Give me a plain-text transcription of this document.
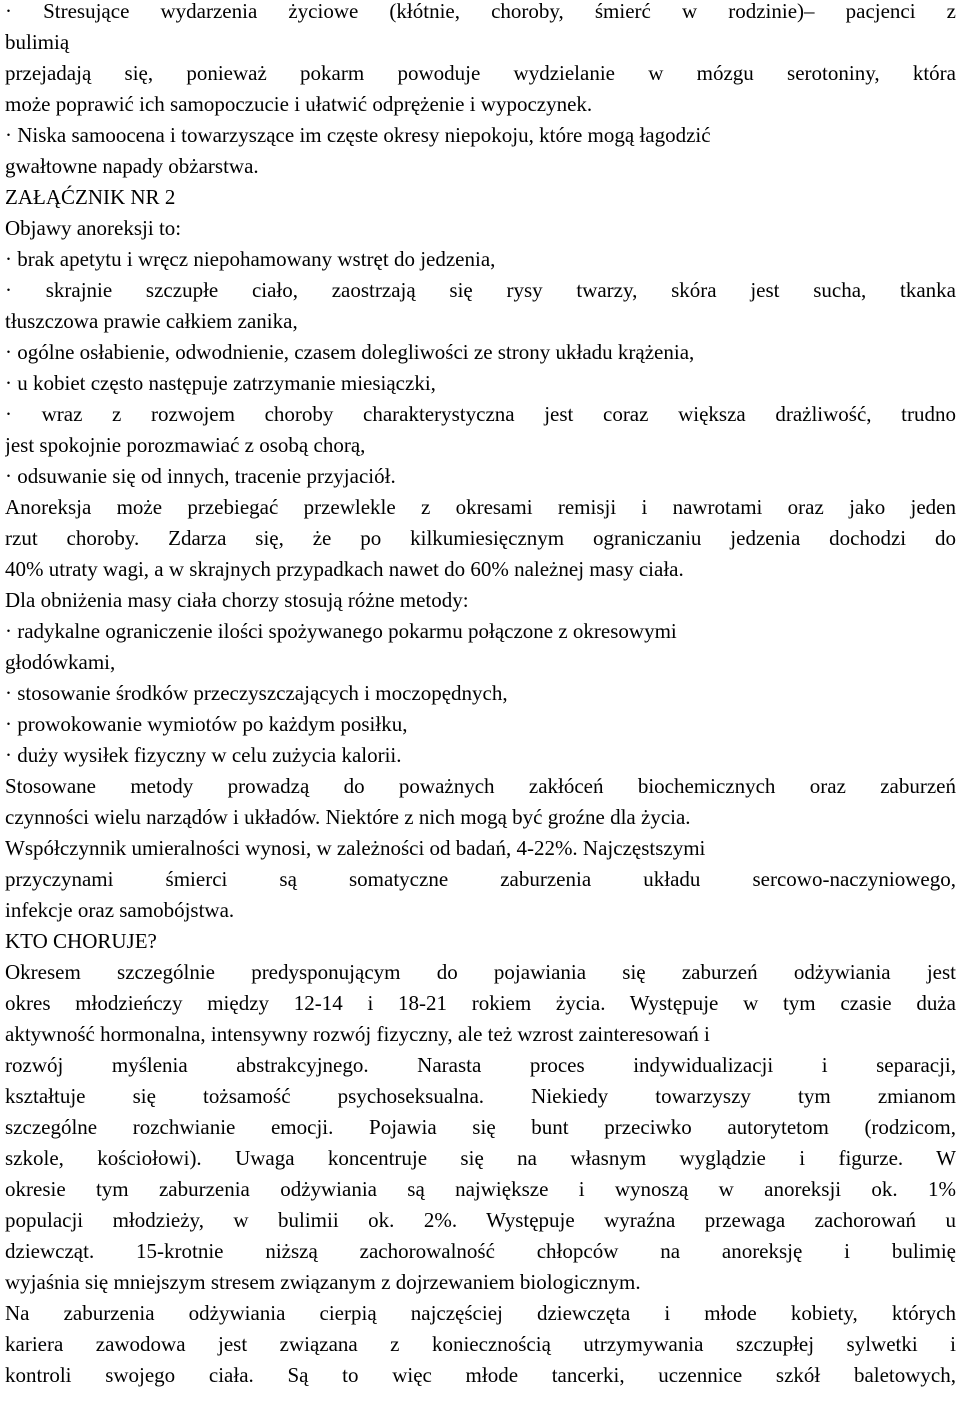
· Stresujące wydarzenia życiowe (kłótnie, choroby, śmierć w rodzinie)– pacjenci z
bulimią
przejadają się, ponieważ pokarm powoduje wydzielanie w mózgu serotoniny, która
może poprawić ich samopoczucie i ułatwić odprężenie i wypoczynek.
· Niska samoocena i towarzyszące im częste okresy niepokoju, które mogą łagodzić
gwałtowne napady obżarstwa.
ZAŁĄĆZNIK NR 2
Objawy anoreksji to:
· brak apetytu i wręcz niepohamowany wstręt do jedzenia,
· skrajnie szczupłe ciało, zaostrzają się rysy twarzy, skóra jest sucha, tkanka
tłuszczowa prawie całkiem zanika,
· ogólne osłabienie, odwodnienie, czasem dolegliwości ze strony układu krążenia,
· u kobiet często następuje zatrzymanie miesiączki,
· wraz z rozwojem choroby charakterystyczna jest coraz większa drażliwość, trudno
jest spokojnie porozmawiać z osobą chorą,
· odsuwanie się od innych, tracenie przyjaciół.
Anoreksja może przebiegać przewlekle z okresami remisji i nawrotami oraz jako jeden
rzut choroby. Zdarza się, że po kilkumiesięcznym ograniczaniu jedzenia dochodzi do
40% utraty wagi, a w skrajnych przypadkach nawet do 60% należnej masy ciała.
Dla obniżenia masy ciała chorzy stosują różne metody:
· radykalne ograniczenie ilości spożywanego pokarmu połączone z okresowymi
głodówkami,
· stosowanie środków przeczyszczających i moczopędnych,
· prowokowanie wymiotów po każdym posiłku,
· duży wysiłek fizyczny w celu zużycia kalorii.
Stosowane metody prowadzą do poważnych zakłóceń biochemicznych oraz zaburzeń
czynności wielu narządów i układów. Niektóre z nich mogą być groźne dla życia.
Współczynnik umieralności wynosi, w zależności od badań, 4-22%. Najczęstszymi
przyczynami śmierci są somatyczne zaburzenia układu sercowo-naczyniowego,
infekcje oraz samobójstwa.
KTO CHORUJE?
Okresem szczególnie predysponującym do pojawiania się zaburzeń odżywiania jest
okres młodzieńczy między 12-14 i 18-21 rokiem życia. Występuje w tym czasie duża
aktywność hormonalna, intensywny rozwój fizyczny, ale też wzrost zainteresowań i
rozwój myślenia abstrakcyjnego. Narasta proces indywidualizacji i separacji,
kształtuje się tożsamość psychoseksualna. Niekiedy towarzyszy tym zmianom
szczególne rozchwianie emocji. Pojawia się bunt przeciwko autorytetom (rodzicom,
szkole, kościołowi). Uwaga koncentruje się na własnym wyglądzie i figurze. W
okresie tym zaburzenia odżywiania są największe i wynoszą w anoreksji ok. 1%
populacji młodzieży, w bulimii ok. 2%. Występuje wyraźna przewaga zachorowań u
dziewcząt. 15-krotnie niższą zachorowalność chłopców na anoreksję i bulimię
wyjaśnia się mniejszym stresem związanym z dojrzewaniem biologicznym.
Na zaburzenia odżywiania cierpią najczęściej dziewczęta i młode kobiety, których
kariera zawodowa jest związana z koniecznością utrzymywania szczupłej sylwetki i
kontroli swojego ciała. Są to więc młode tancerki, uczennice szkół baletowych,
